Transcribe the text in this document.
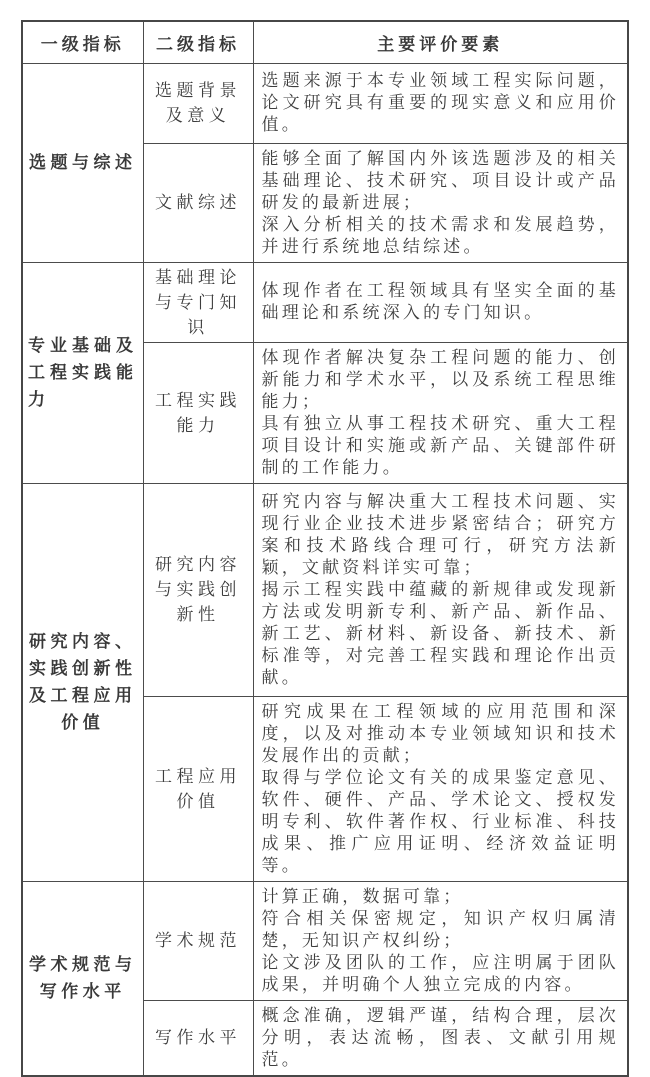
一级指标	二级指标	主要评价要素
选题与综述	选题背景及意义	选题来源于本专业领域工程实际问题，论文研究具有重要的现实意义和应用价值。

	文献综述	能够全面了解国内外该选题涉及的相关基础理论、技术研究、项目设计或产品研发的最新进展；
深入分析相关的技术需求和发展趋势，并进行系统地总结综述。

专业基础及工程实践能力	基础理论与专门知识	体现作者在工程领域具有坚实全面的基础理论和系统深入的专门知识。

	工程实践能力	体现作者解决复杂工程问题的能力、创新能力和学术水平，以及系统工程思维能力；
具有独立从事工程技术研究、重大工程项目设计和实施或新产品、关键部件研制的工作能力。

研究内容、实践创新性及工程应用价值	研究内容与实践创新性	研究内容与解决重大工程技术问题、实现行业企业技术进步紧密结合；研究方案和技术路线合理可行，研究方法新颖，文献资料详实可靠；
揭示工程实践中蕴藏的新规律或发现新方法或发明新专利、新产品、新作品、新工艺、新材料、新设备、新技术、新标准等，对完善工程实践和理论作出贡献。

	工程应用价值	研究成果在工程领域的应用范围和深度，以及对推动本专业领域知识和技术发展作出的贡献；
取得与学位论文有关的成果鉴定意见、软件、硬件、产品、学术论文、授权发明专利、软件著作权、行业标准、科技成果、推广应用证明、经济效益证明等。

学术规范与写作水平	学术规范	计算正确，数据可靠；
符合相关保密规定，知识产权归属清楚，无知识产权纠纷；
论文涉及团队的工作，应注明属于团队成果，并明确个人独立完成的内容。

	写作水平	概念准确，逻辑严谨，结构合理，层次分明，表达流畅，图表、文献引用规范。
